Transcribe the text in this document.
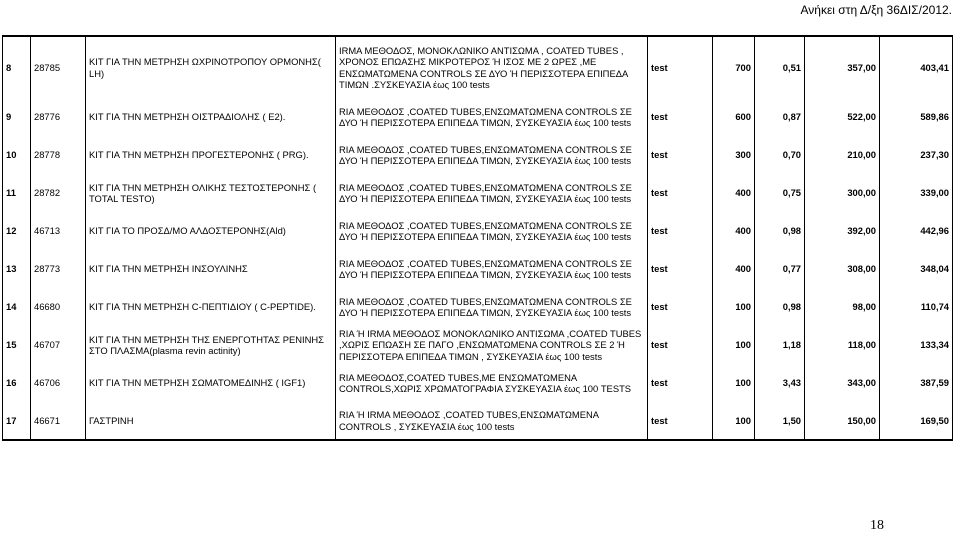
Ανήκει στη Δ/ξη 36ΔΙΣ/2012.
8	28785	ΚΙΤ ΓΙΑ ΤΗΝ ΜΕΤΡΗΣΗ ΩΧΡΙΝΟΤΡΟΠΟΥ ΟΡΜΟΝΗΣ( LH)	IRMA ΜΕΘΟΔΟΣ, ΜΟΝΟΚΛΩΝΙΚΟ ΑΝΤΙΣΩΜΑ , COATED TUBES , ΧΡΟΝΟΣ ΕΠΩΑΣΗΣ ΜΙΚΡΟΤΕΡΟΣ Ή ΙΣΟΣ ΜΕ 2 ΩΡΕΣ ,ΜΕ ΕΝΣΩΜΑΤΩΜΕΝΑ CONTROLS ΣΕ ΔΥΟ Ή ΠΕΡΙΣΣΟΤΕΡΑ ΕΠΙΠΕΔΑ ΤΙΜΩΝ .ΣΥΣΚΕΥΑΣΙΑ έως 100 tests	test	700	0,51	357,00	403,41
9	28776	ΚΙΤ ΓΙΑ ΤΗΝ ΜΕΤΡΗΣΗ ΟΙΣΤΡΑΔΙΟΛΗΣ ( Ε2).	RIA ΜΕΘΟΔΟΣ ,COATED TUBES,ΕΝΣΩΜΑΤΩΜΕΝΑ CONTROLS ΣΕ ΔΥΟ Ή ΠΕΡΙΣΣΟΤΕΡΑ ΕΠΙΠΕΔΑ ΤΙΜΩΝ, ΣΥΣΚΕΥΑΣΙΑ έως 100 tests	test	600	0,87	522,00	589,86
10	28778	ΚΙΤ ΓΙΑ ΤΗΝ ΜΕΤΡΗΣΗ ΠΡΟΓΕΣΤΕΡΟΝΗΣ ( PRG).	RIA ΜΕΘΟΔΟΣ ,COATED TUBES,ΕΝΣΩΜΑΤΩΜΕΝΑ CONTROLS ΣΕ ΔΥΟ Ή ΠΕΡΙΣΣΟΤΕΡΑ ΕΠΙΠΕΔΑ ΤΙΜΩΝ, ΣΥΣΚΕΥΑΣΙΑ έως 100 tests	test	300	0,70	210,00	237,30
11	28782	ΚΙΤ ΓΙΑ ΤΗΝ ΜΕΤΡΗΣΗ ΟΛΙΚΗΣ ΤΕΣΤΟΣΤΕΡΟΝΗΣ ( TOTAL TESTO)	RIA ΜΕΘΟΔΟΣ ,COATED TUBES,ΕΝΣΩΜΑΤΩΜΕΝΑ CONTROLS ΣΕ ΔΥΟ Ή ΠΕΡΙΣΣΟΤΕΡΑ ΕΠΙΠΕΔΑ ΤΙΜΩΝ, ΣΥΣΚΕΥΑΣΙΑ έως 100 tests	test	400	0,75	300,00	339,00
12	46713	ΚΙΤ ΓΙΑ ΤΟ ΠΡΟΣΔ/ΜΟ ΑΛΔΟΣΤΕΡΟΝΗΣ(Ald)	RIA ΜΕΘΟΔΟΣ ,COATED TUBES,ΕΝΣΩΜΑΤΩΜΕΝΑ CONTROLS ΣΕ ΔΥΟ Ή ΠΕΡΙΣΣΟΤΕΡΑ ΕΠΙΠΕΔΑ ΤΙΜΩΝ, ΣΥΣΚΕΥΑΣΙΑ έως 100 tests	test	400	0,98	392,00	442,96
13	28773	ΚΙΤ ΓΙΑ ΤΗΝ ΜΕΤΡΗΣΗ ΙΝΣΟΥΛΙΝΗΣ	RIA ΜΕΘΟΔΟΣ ,COATED TUBES,ΕΝΣΩΜΑΤΩΜΕΝΑ CONTROLS ΣΕ ΔΥΟ Ή ΠΕΡΙΣΣΟΤΕΡΑ ΕΠΙΠΕΔΑ ΤΙΜΩΝ, ΣΥΣΚΕΥΑΣΙΑ έως 100 tests	test	400	0,77	308,00	348,04
14	46680	ΚΙΤ ΓΙΑ ΤΗΝ ΜΕΤΡΗΣΗ C-ΠΕΠΤΙΔΙΟΥ ( C-PEPTIDE).	RIA ΜΕΘΟΔΟΣ ,COATED TUBES,ΕΝΣΩΜΑΤΩΜΕΝΑ CONTROLS ΣΕ ΔΥΟ Ή ΠΕΡΙΣΣΟΤΕΡΑ ΕΠΙΠΕΔΑ ΤΙΜΩΝ, ΣΥΣΚΕΥΑΣΙΑ έως 100 tests	test	100	0,98	98,00	110,74
15	46707	ΚΙΤ ΓΙΑ ΤΗΝ ΜΕΤΡΗΣΗ ΤΗΣ ΕΝΕΡΓΟΤΗΤΑΣ ΡΕΝΙΝΗΣ ΣΤΟ ΠΛΑΣΜΑ(plasma revin actinity)	RIA Ή IRMA ΜΕΘΟΔΟΣ ΜΟΝΟΚΛΩΝΙΚΟ ΑΝΤΙΣΩΜΑ ,COATED TUBES ,ΧΩΡΙΣ ΕΠΩΑΣΗ ΣΕ ΠΑΓΟ ,ΕΝΣΩΜΑΤΩΜΕΝΑ CONTROLS ΣΕ 2 Ή ΠΕΡΙΣΣΟΤΕΡΑ ΕΠΙΠΕΔΑ ΤΙΜΩΝ , ΣΥΣΚΕΥΑΣΙΑ έως 100 tests	test	100	1,18	118,00	133,34
16	46706	ΚΙΤ ΓΙΑ ΤΗΝ ΜΕΤΡΗΣΗ ΣΩΜΑΤΟΜΕΔΙΝΗΣ ( IGF1)	RIA ΜΕΘΟΔΟΣ,COATED TUBES,ΜΕ ΕΝΣΩΜΑΤΩΜΕΝΑ CONTROLS,ΧΩΡΙΣ ΧΡΩΜΑΤΟΓΡΑΦΙΑ ΣΥΣΚΕΥΑΣΙΑ έως 100 TESTS	test	100	3,43	343,00	387,59
17	46671	ΓΑΣΤΡΙΝΗ	RIA Ή IRMA ΜΕΘΟΔΟΣ ,COATED TUBES,ΕΝΣΩΜΑΤΩΜΕΝΑ CONTROLS , ΣΥΣΚΕΥΑΣΙΑ έως 100 tests	test	100	1,50	150,00	169,50
18
